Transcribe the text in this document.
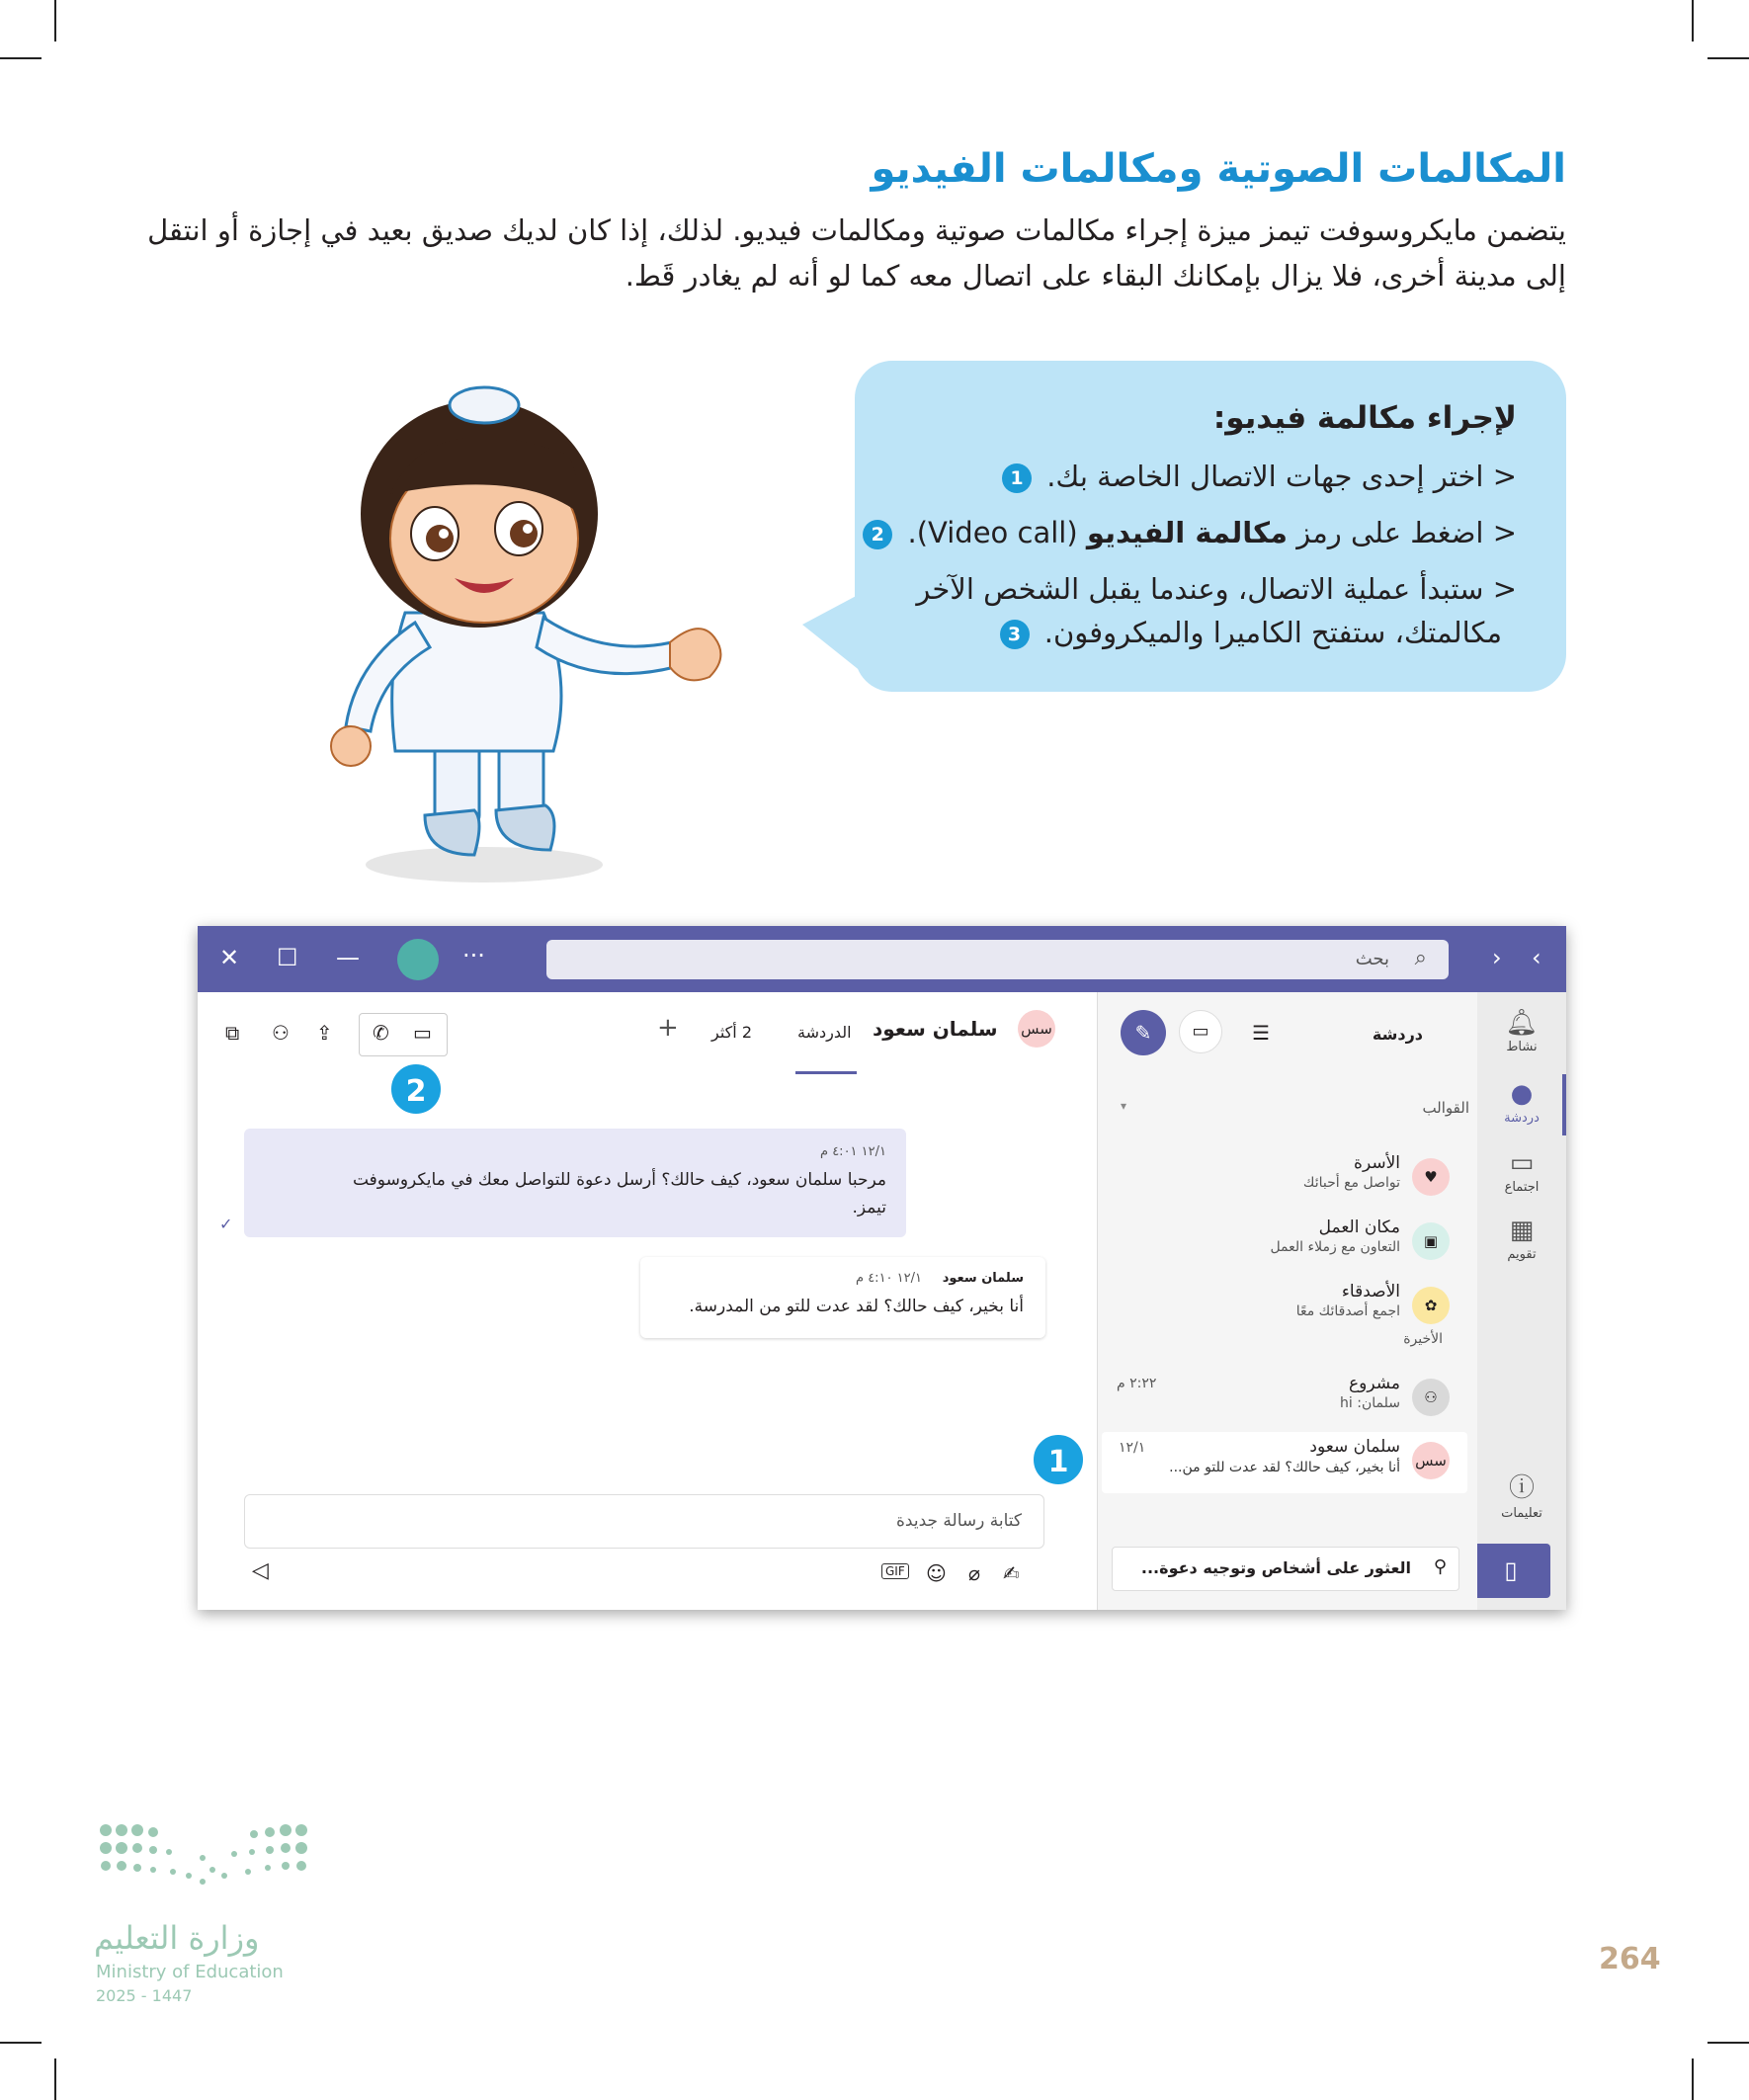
المكالمات الصوتية ومكالمات الفيديو

يتضمن مايكروسوفت تيمز ميزة إجراء مكالمات صوتية ومكالمات فيديو. لذلك، إذا كان لديك صديق بعيد في إجازة أو انتقل

إلى مدينة أخرى، فلا يزال بإمكانك البقاء على اتصال معه كما لو أنه لم يغادر قَط.

لإجراء مكالمة فيديو:
< اختر إحدى جهات الاتصال الخاصة بك. 1
< اضغط على رمز مكالمة الفيديو (Video call). 2
< ستبدأ عملية الاتصال، وعندما يقبل الشخص الآخر
مكالمتك، ستفتح الكاميرا والميكروفون. 3
✕ ☐ —	···	بحث ⌕	‹ ›
🔔︎
نشاط
●
دردشة
▭
اجتماع
▦
تقويم
ⓘ
تعليمات
▯
دردشة
☰
▭
✎
القوالب
▾
♥
الأسرة
تواصل مع أحبائك
▣
مكان العمل
التعاون مع زملاء العمل
✿
الأصدقاء
اجمع أصدقائك معًا
الأخيرة
⚇
مشروع
سلمان: hi
٢:٢٢ م
سس
سلمان سعود
أنا بخير، كيف حالك؟ لقد عدت للتو من...
١٢/١
1
العثور على أشخاص وتوجيه دعوة... ⚲
سس
سلمان سعود
الدردشة
2 أكثر
+
✆ ▭
⇪
⚇
⧉
2
١٢/١ ٤:٠١ م
مرحبا سلمان سعود، كيف حالك؟ أرسل دعوة للتواصل معك في مايكروسوفت
تيمز.
✓
سلمان سعود
١٢/١ ٤:١٠ م
أنا بخير، كيف حالك؟ لقد عدت للتو من المدرسة.
كتابة رسالة جديدة
✍
⌀
☺
GIF
◁
وزارة التعليم
Ministry of Education
2025 - 1447
264
